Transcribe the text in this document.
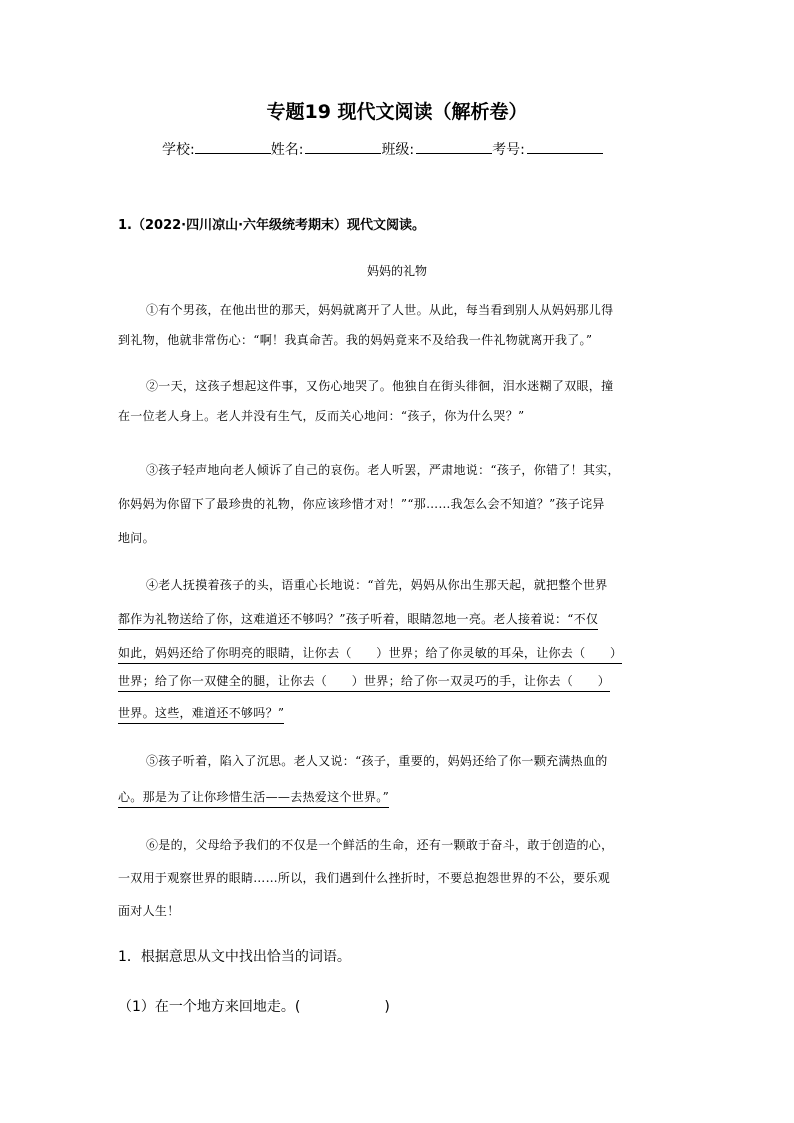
专题19 现代文阅读（解析卷）
学校:	姓名:	班级:	考号:
1.（2022·四川凉山·六年级统考期末）现代文阅读。
妈妈的礼物
①有个男孩，在他出世的那天，妈妈就离开了人世。从此，每当看到别人从妈妈那儿得
到礼物，他就非常伤心：“啊！我真命苦。我的妈妈竟来不及给我一件礼物就离开我了。”
②一天，这孩子想起这件事，又伤心地哭了。他独自在街头徘徊，泪水迷糊了双眼，撞
在一位老人身上。老人并没有生气，反而关心地问：“孩子，你为什么哭？”
③孩子轻声地向老人倾诉了自己的哀伤。老人听罢，严肃地说：“孩子，你错了！其实，
你妈妈为你留下了最珍贵的礼物，你应该珍惜才对！”“那……我怎么会不知道？”孩子诧异
地问。
④老人抚摸着孩子的头，语重心长地说：“首先，妈妈从你出生那天起，就把整个世界
都作为礼物送给了你，这难道还不够吗？”孩子听着，眼睛忽地一亮。老人接着说：“不仅
如此，妈妈还给了你明亮的眼睛，让你去（　　）世界；给了你灵敏的耳朵，让你去（　　）
世界；给了你一双健全的腿，让你去（　　）世界；给了你一双灵巧的手，让你去（　　）
世界。这些，难道还不够吗？”
⑤孩子听着，陷入了沉思。老人又说：“孩子，重要的，妈妈还给了你一颗充满热血的
心。那是为了让你珍惜生活——去热爱这个世界。”
⑥是的，父母给予我们的不仅是一个鲜活的生命，还有一颗敢于奋斗，敢于创造的心，
一双用于观察世界的眼睛……所以，我们遇到什么挫折时，不要总抱怨世界的不公，要乐观
面对人生！
1．根据意思从文中找出恰当的词语。
（1）在一个地方来回地走。(　　　　　　)
